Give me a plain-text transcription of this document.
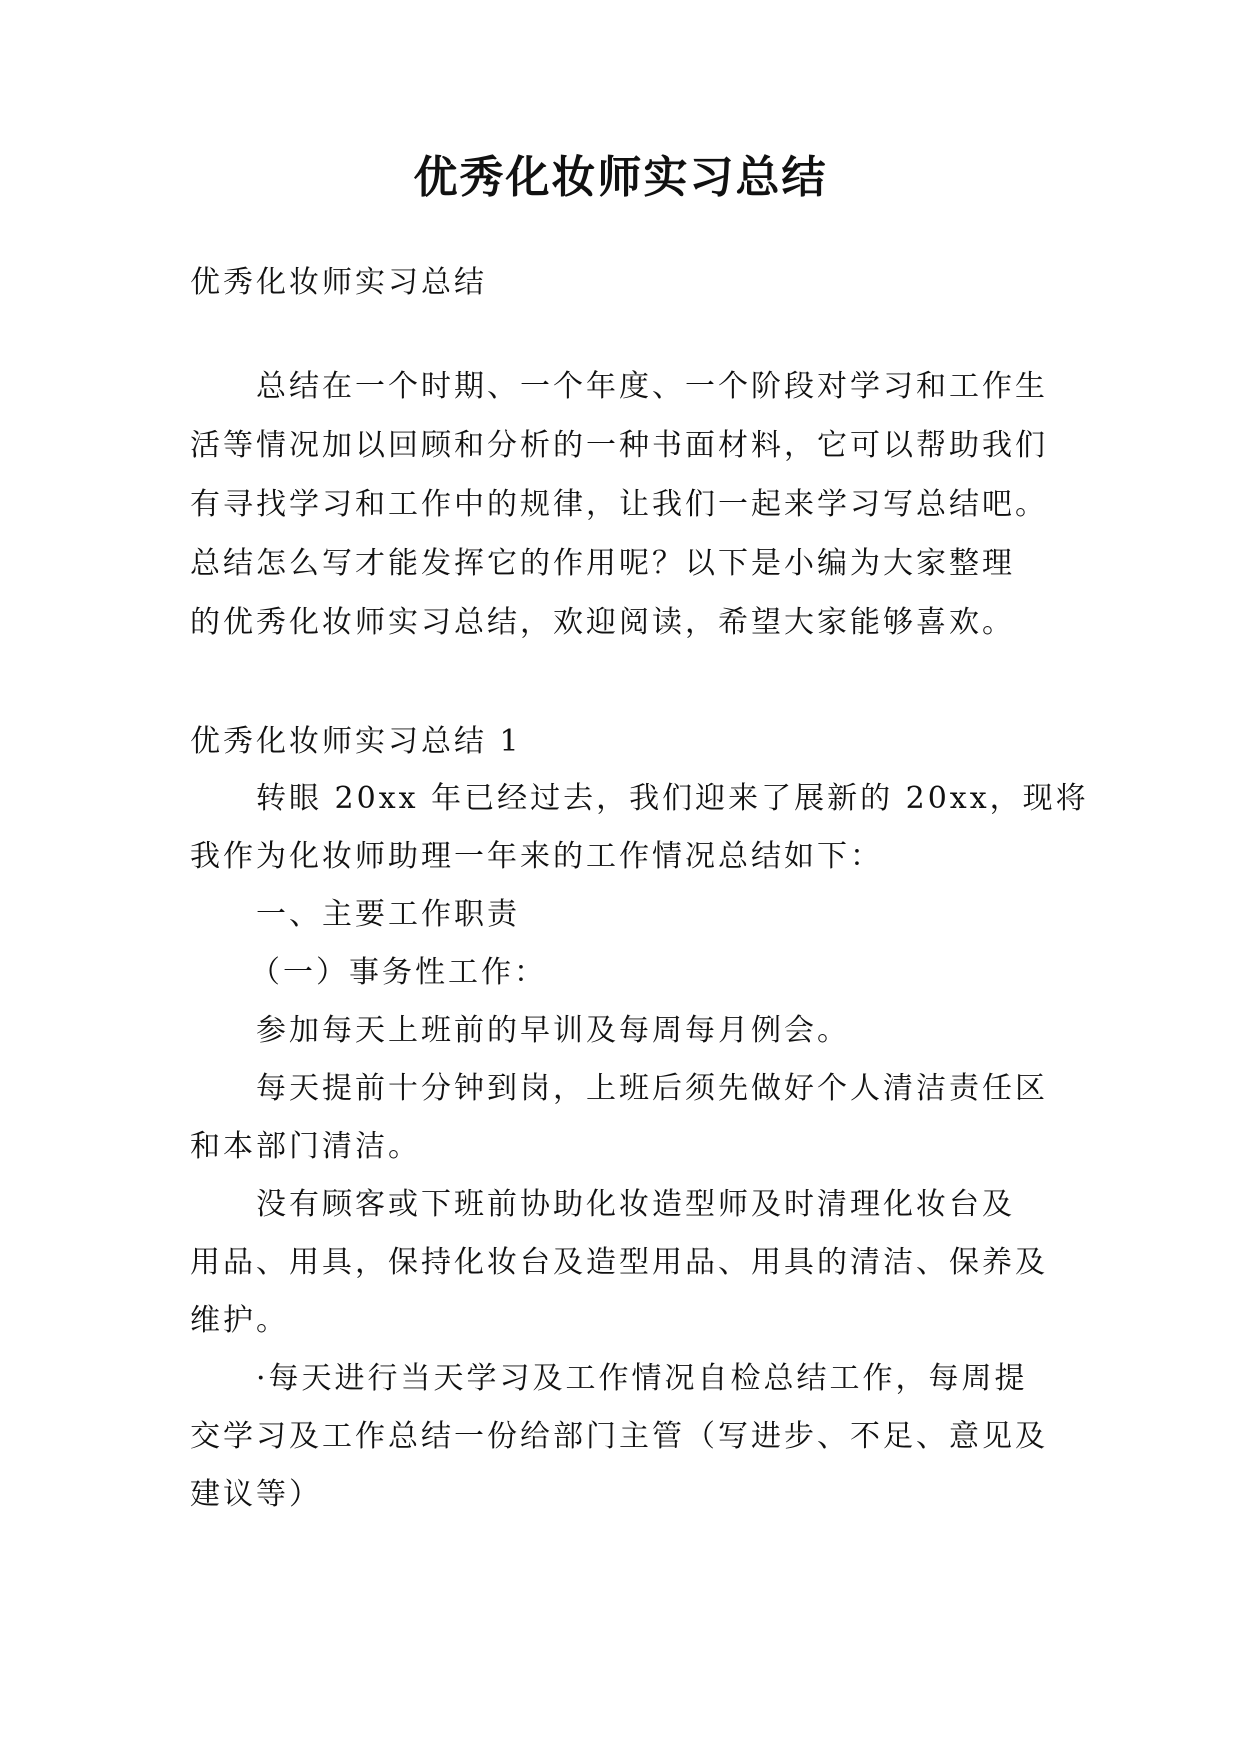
优秀化妆师实习总结
优秀化妆师实习总结
总结在一个时期、一个年度、一个阶段对学习和工作生
活等情况加以回顾和分析的一种书面材料，它可以帮助我们
有寻找学习和工作中的规律，让我们一起来学习写总结吧。
总结怎么写才能发挥它的作用呢？以下是小编为大家整理
的优秀化妆师实习总结，欢迎阅读，希望大家能够喜欢。
优秀化妆师实习总结 1
转眼 20xx 年已经过去，我们迎来了展新的 20xx，现将
我作为化妆师助理一年来的工作情况总结如下：
一、主要工作职责
（一）事务性工作：
参加每天上班前的早训及每周每月例会。
每天提前十分钟到岗，上班后须先做好个人清洁责任区
和本部门清洁。
没有顾客或下班前协助化妆造型师及时清理化妆台及
用品、用具，保持化妆台及造型用品、用具的清洁、保养及
维护。
·每天进行当天学习及工作情况自检总结工作，每周提
交学习及工作总结一份给部门主管（写进步、不足、意见及
建议等）
